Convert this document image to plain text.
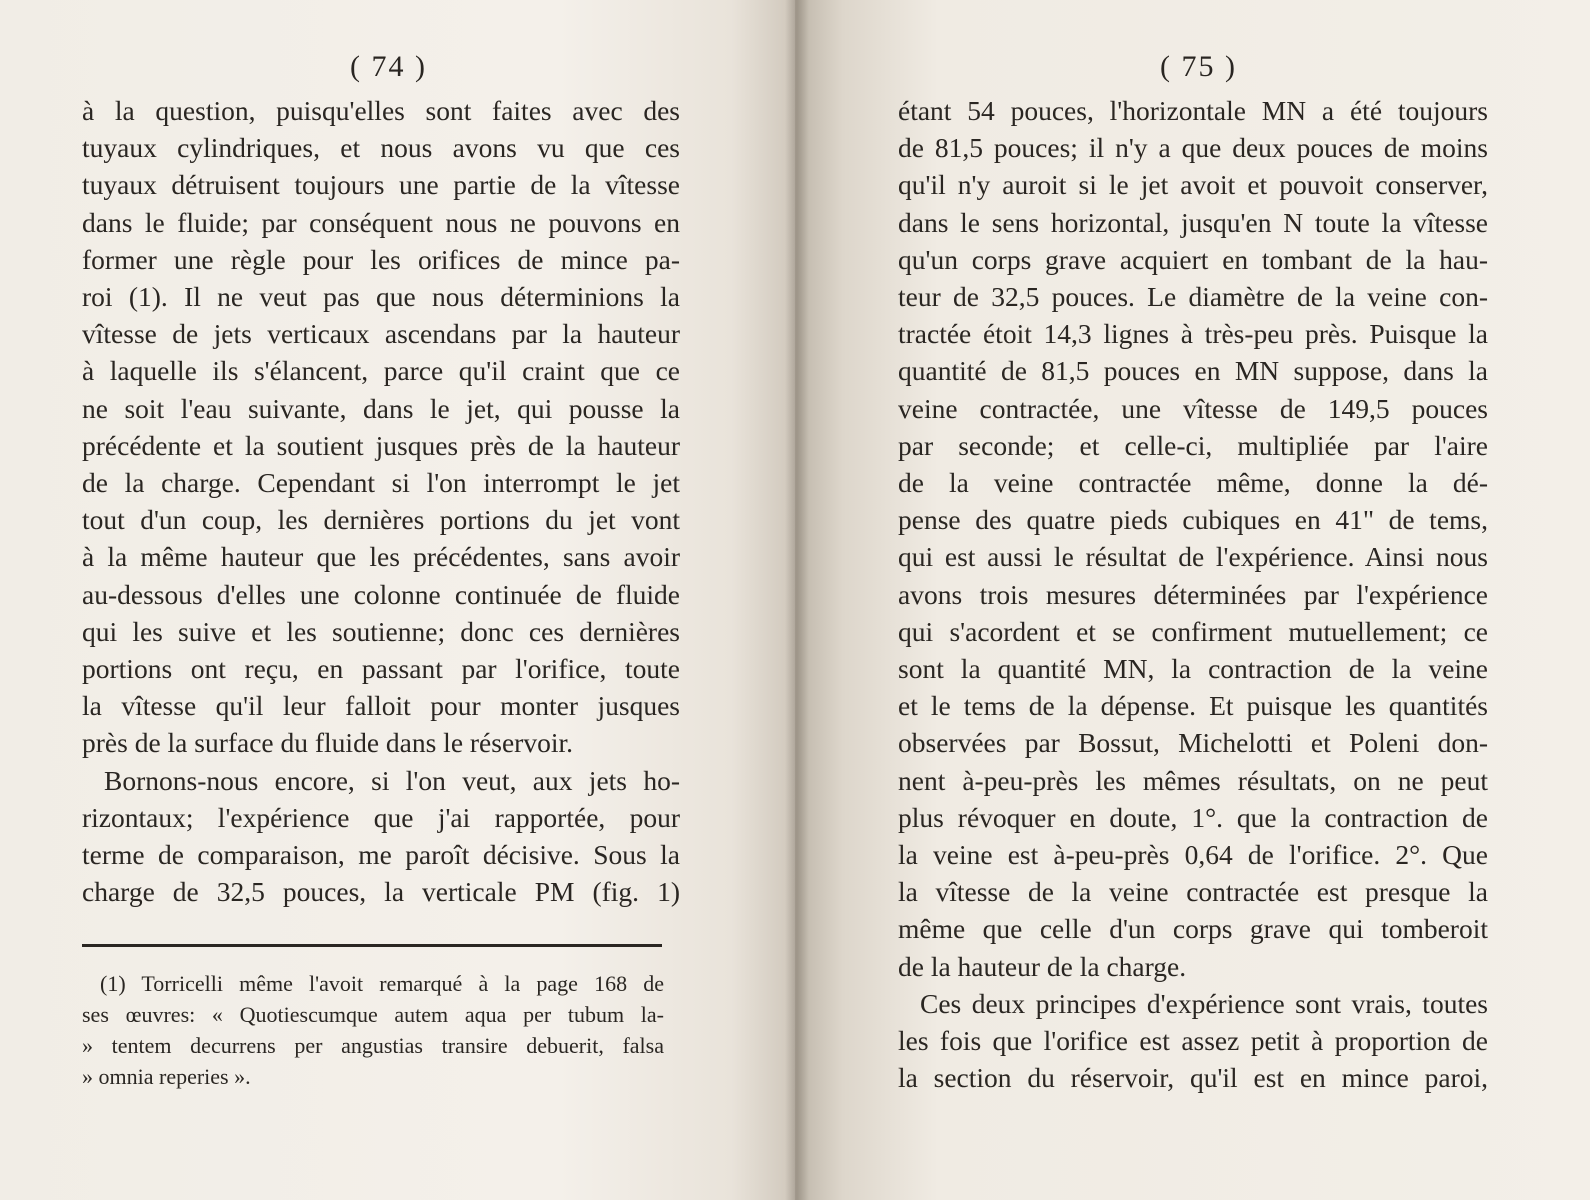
( 74 )
à la question, puisqu'elles sont faites avec des
tuyaux cylindriques, et nous avons vu que ces
tuyaux détruisent toujours une partie de la vîtesse
dans le fluide; par conséquent nous ne pouvons en
former une règle pour les orifices de mince pa-
roi (1). Il ne veut pas que nous déterminions la
vîtesse de jets verticaux ascendans par la hauteur
à laquelle ils s'élancent, parce qu'il craint que ce
ne soit l'eau suivante, dans le jet, qui pousse la
précédente et la soutient jusques près de la hauteur
de la charge. Cependant si l'on interrompt le jet
tout d'un coup, les dernières portions du jet vont
à la même hauteur que les précédentes, sans avoir
au-dessous d'elles une colonne continuée de fluide
qui les suive et les soutienne; donc ces dernières
portions ont reçu, en passant par l'orifice, toute
la vîtesse qu'il leur falloit pour monter jusques
près de la surface du fluide dans le réservoir.
Bornons-nous encore, si l'on veut, aux jets ho-
rizontaux; l'expérience que j'ai rapportée, pour
terme de comparaison, me paroît décisive. Sous la
charge de 32,5 pouces, la verticale PM (fig. 1)
(1) Torricelli même l'avoit remarqué à la page 168 de
ses œuvres: « Quotiescumque autem aqua per tubum la-
» tentem decurrens per angustias transire debuerit, falsa
» omnia reperies ».
( 75 )
étant 54 pouces, l'horizontale MN a été toujours
de 81,5 pouces; il n'y a que deux pouces de moins
qu'il n'y auroit si le jet avoit et pouvoit conserver,
dans le sens horizontal, jusqu'en N toute la vîtesse
qu'un corps grave acquiert en tombant de la hau-
teur de 32,5 pouces. Le diamètre de la veine con-
tractée étoit 14,3 lignes à très-peu près. Puisque la
quantité de 81,5 pouces en MN suppose, dans la
veine contractée, une vîtesse de 149,5 pouces
par seconde; et celle-ci, multipliée par l'aire
de la veine contractée même, donne la dé-
pense des quatre pieds cubiques en 41" de tems,
qui est aussi le résultat de l'expérience. Ainsi nous
avons trois mesures déterminées par l'expérience
qui s'acordent et se confirment mutuellement; ce
sont la quantité MN, la contraction de la veine
et le tems de la dépense. Et puisque les quantités
observées par Bossut, Michelotti et Poleni don-
nent à-peu-près les mêmes résultats, on ne peut
plus révoquer en doute, 1°. que la contraction de
la veine est à-peu-près 0,64 de l'orifice. 2°. Que
la vîtesse de la veine contractée est presque la
même que celle d'un corps grave qui tomberoit
de la hauteur de la charge.
Ces deux principes d'expérience sont vrais, toutes
les fois que l'orifice est assez petit à proportion de
la section du réservoir, qu'il est en mince paroi,
